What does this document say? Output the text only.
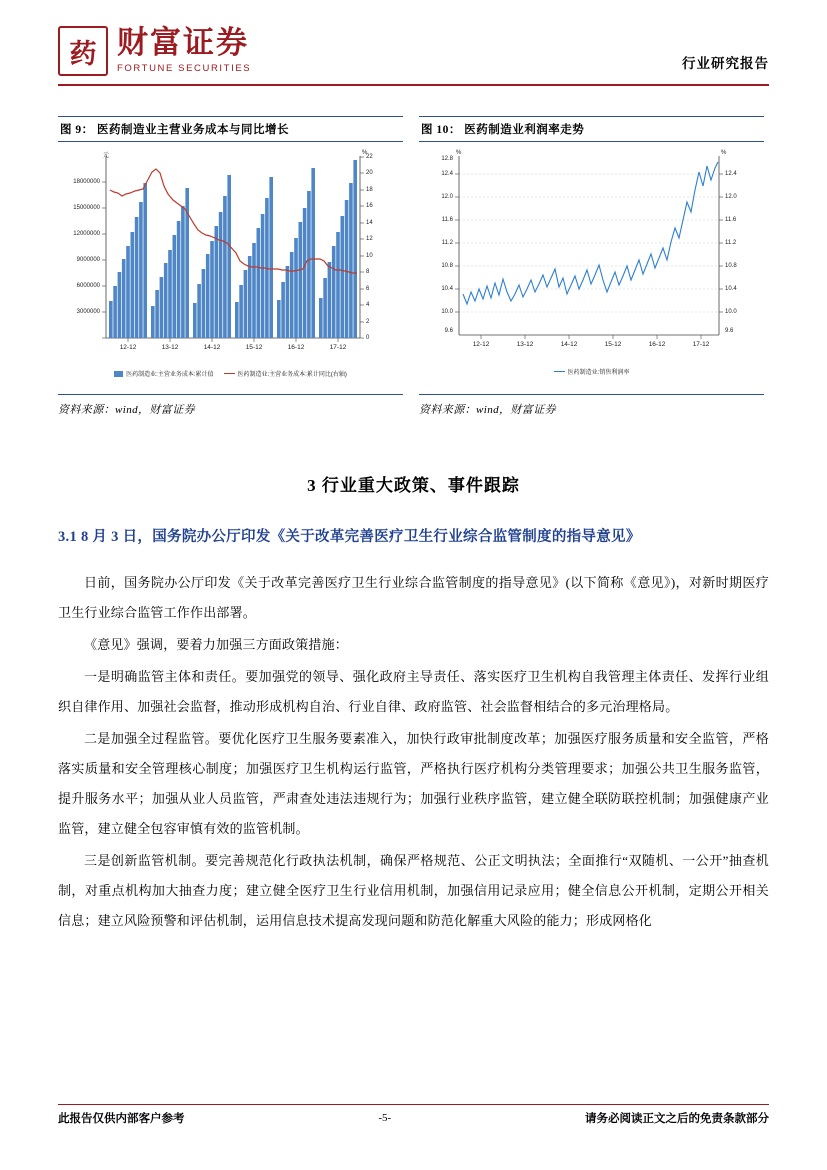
药 财富证券
FORTUNE SECURITIES	行业研究报告
图 9： 医药制造业主营业务成本与同比增长
元	%
18000000
15000000
12000000
9000000
6000000
3000000
22
20
18
16
14
12
10
8
6
4
2
0
12-12	13-12	14-12	15-12	16-12	17-12
医药制造业:主营业务成本:累计值	医药制造业:主营业务成本:累计同比(右轴)
资料来源：wind，财富证券
图 10： 医药制造业利润率走势
%	%
12.8
12.4
12.0
11.6
11.2
10.8
10.4
10.0
9.6
12.4
12.0
11.6
11.2
10.8
10.4
10.0
9.6
12-12	13-12	14-12	15-12	16-12	17-12
医药制造业:销售利润率
资料来源：wind，财富证券
3 行业重大政策、事件跟踪
3.1 8 月 3 日，国务院办公厅印发《关于改革完善医疗卫生行业综合监管制度的指导意见》

日前，国务院办公厅印发《关于改革完善医疗卫生行业综合监管制度的指导意见》(以下简称《意见》)，对新时期医疗卫生行业综合监管工作作出部署。

《意见》强调，要着力加强三方面政策措施：

一是明确监管主体和责任。要加强党的领导、强化政府主导责任、落实医疗卫生机构自我管理主体责任、发挥行业组织自律作用、加强社会监督，推动形成机构自治、行业自律、政府监管、社会监督相结合的多元治理格局。

二是加强全过程监管。要优化医疗卫生服务要素准入，加快行政审批制度改革；加强医疗服务质量和安全监管，严格落实质量和安全管理核心制度；加强医疗卫生机构运行监管，严格执行医疗机构分类管理要求；加强公共卫生服务监管，提升服务水平；加强从业人员监管，严肃查处违法违规行为；加强行业秩序监管，建立健全联防联控机制；加强健康产业监管，建立健全包容审慎有效的监管机制。

三是创新监管机制。要完善规范化行政执法机制，确保严格规范、公正文明执法；全面推行“双随机、一公开”抽查机制，对重点机构加大抽查力度；建立健全医疗卫生行业信用机制，加强信用记录应用；健全信息公开机制，定期公开相关信息；建立风险预警和评估机制，运用信息技术提高发现问题和防范化解重大风险的能力；形成网格化

此报告仅供内部客户参考	-5-	请务必阅读正文之后的免责条款部分
